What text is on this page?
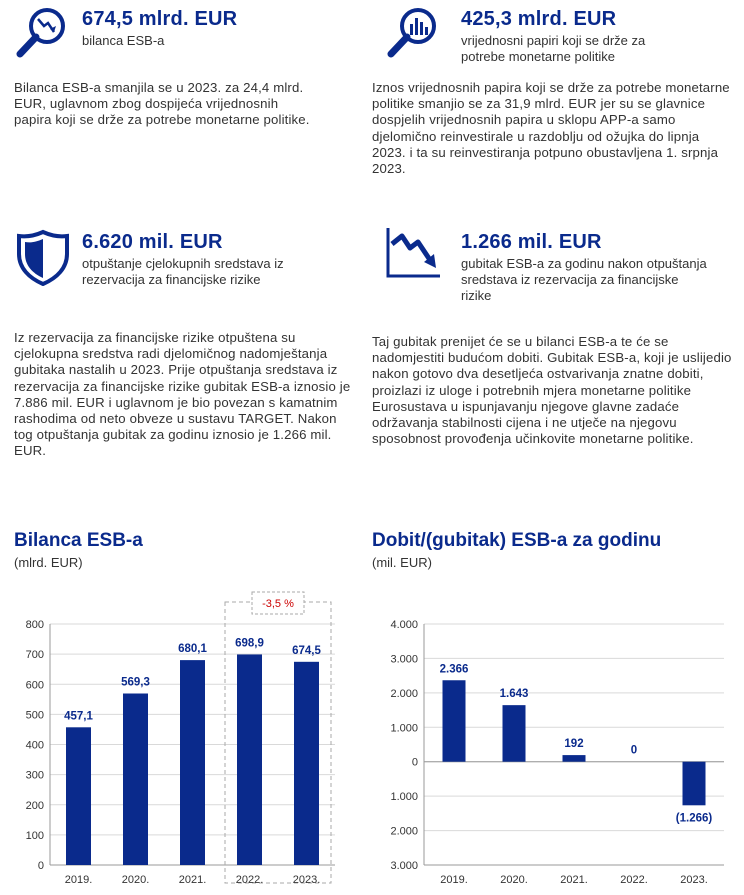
674,5 mlrd. EUR
bilanca ESB-a
Bilanca ESB-a smanjila se u 2023. za 24,4 mlrd. EUR, uglavnom zbog dospijeća vrijednosnih papira koji se drže za potrebe monetarne politike.
425,3 mlrd. EUR
vrijednosni papiri koji se drže za potrebe monetarne politike
Iznos vrijednosnih papira koji se drže za potrebe monetarne politike smanjio se za 31,9 mlrd. EUR jer su se glavnice dospjelih vrijednosnih papira u sklopu APP-a samo djelomično reinvestirale u razdoblju od ožujka do lipnja 2023. i ta su reinvestiranja potpuno obustavljena 1. srpnja 2023.
6.620 mil. EUR
otpuštanje cjelokupnih sredstava iz rezervacija za financijske rizike
Iz rezervacija za financijske rizike otpuštena su cjelokupna sredstva radi djelomičnog nadomještanja gubitaka nastalih u 2023. Prije otpuštanja sredstava iz rezervacija za financijske rizike gubitak ESB-a iznosio je 7.886 mil. EUR i uglavnom je bio povezan s kamatnim rashodima od neto obveze u sustavu TARGET. Nakon tog otpuštanja gubitak za godinu iznosio je 1.266 mil. EUR.
1.266 mil. EUR
gubitak ESB-a za godinu nakon otpuštanja sredstava iz rezervacija za financijske rizike
Taj gubitak prenijet će se u bilanci ESB-a te će se nadomjestiti budućom dobiti. Gubitak ESB-a, koji je uslijedio nakon gotovo dva desetljeća ostvarivanja znatne dobiti, proizlazi iz uloge i potrebnih mjera monetarne politike Eurosustava u ispunjavanju njegove glavne zadaće održavanja stabilnosti cijena i ne utječe na njegovu sposobnost provođenja učinkovite monetarne politike.
Bilanca ESB-a
(mlrd. EUR)
Dobit/(gubitak) ESB-a za godinu
(mil. EUR)
0
100
200
300
400
500
600
700
800
-3,5 %
457,1
2019.
569,3
2020.
680,1
2021.
698,9
2022.
674,5
2023.
4.000
3.000
2.000
1.000
0
1.000
2.000
3.000
2.366
2019.
1.643
2020.
192
2021.
0
2022.
(1.266)
2023.
